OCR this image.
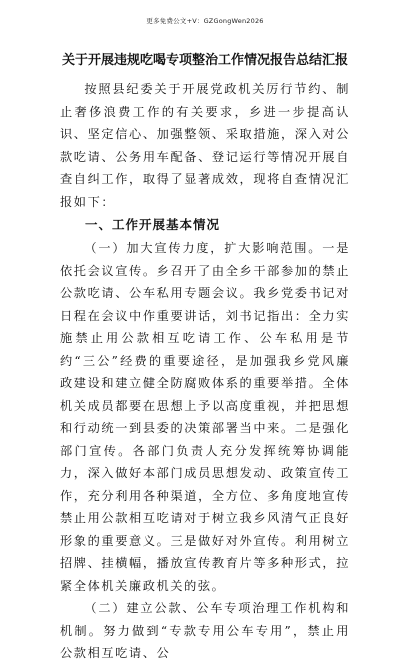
更多免费公文+V：GZGongWen2026
关于开展违规吃喝专项整治工作情况报告总结汇报

按照县纪委关于开展党政机关厉行节约、制止奢侈浪费工作的有关要求，乡进一步提高认识、坚定信心、加强整领、采取措施，深入对公款吃请、公务用车配备、登记运行等情况开展自查自纠工作，取得了显著成效，现将自查情况汇报如下：

一、工作开展基本情况

（一）加大宣传力度，扩大影响范围。一是依托会议宣传。乡召开了由全乡干部参加的禁止公款吃请、公车私用专题会议。我乡党委书记对日程在会议中作重要讲话，刘书记指出：全力实施禁止用公款相互吃请工作、公车私用是节约“三公”经费的重要途径，是加强我乡党风廉政建设和建立健全防腐败体系的重要举措。全体机关成员都要在思想上予以高度重视，并把思想和行动统一到县委的决策部署当中来。二是强化部门宣传。各部门负责人充分发挥统筹协调能力，深入做好本部门成员思想发动、政策宣传工作，充分利用各种渠道，全方位、多角度地宣传禁止用公款相互吃请对于树立我乡风清气正良好形象的重要意义。三是做好对外宣传。利用树立招牌、挂横幅，播放宣传教育片等多种形式，拉紧全体机关廉政机关的弦。

（二）建立公款、公车专项治理工作机构和机制。努力做到“专款专用公车专用”，禁止用公款相互吃请、公
